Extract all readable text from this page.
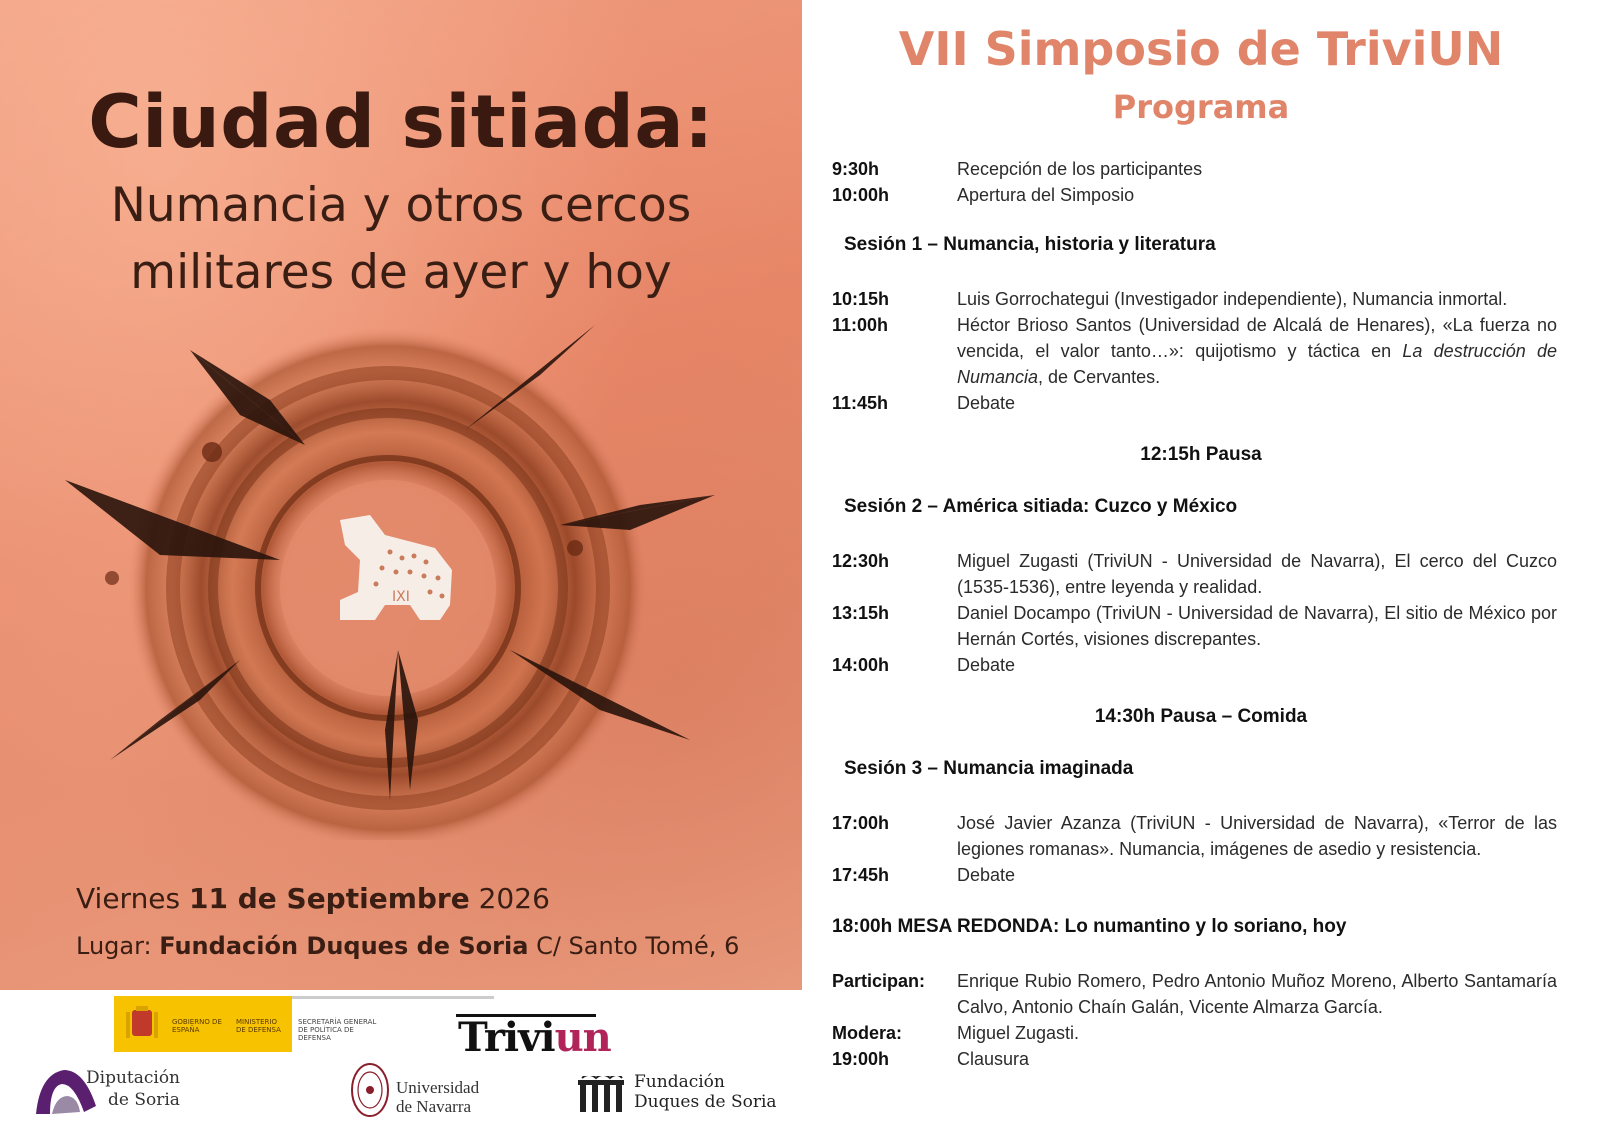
Ciudad sitiada:
Numancia y otros cercos
militares de ayer y hoy
IXI
Viernes 11 de Septiembre 2026
Lugar: Fundación Duques de Soria C/ Santo Tomé, 6
GOBIERNO DE ESPAÑA
MINISTERIO DE DEFENSA
SECRETARÍA GENERAL DE POLÍTICA DE DEFENSA	Triviun
Diputación
de Soria
Universidad
de Navarra
Fundación
Duques de Soria
VII Simposio de TriviUN
Programa
9:30h	Recepción de los participantes
10:00h	Apertura del Simposio
Sesión 1 – Numancia, historia y literatura
10:15h	Luis Gorrochategui (Investigador independiente), Numancia inmortal.
11:00h	Héctor Brioso Santos (Universidad de Alcalá de Henares), «La fuerza no vencida, el valor tanto…»: quijotismo y táctica en La destrucción de Numancia, de Cervantes.
11:45h	Debate
12:15h Pausa
Sesión 2 – América sitiada: Cuzco y México
12:30h	Miguel Zugasti (TriviUN - Universidad de Navarra), El cerco del Cuzco (1535-1536), entre leyenda y realidad.
13:15h	Daniel Docampo (TriviUN - Universidad de Navarra), El sitio de México por Hernán Cortés, visiones discrepantes.
14:00h	Debate
14:30h Pausa – Comida
Sesión 3 – Numancia imaginada
17:00h	José Javier Azanza (TriviUN - Universidad de Navarra), «Terror de las legiones romanas». Numancia, imágenes de asedio y resistencia.
17:45h	Debate
18:00h MESA REDONDA: Lo numantino y lo soriano, hoy
Participan: Enrique Rubio Romero, Pedro Antonio Muñoz Moreno, Alberto Santamaría Calvo, Antonio Chaín Galán, Vicente Almarza García.
Modera:	Miguel Zugasti.
19:00h	Clausura
